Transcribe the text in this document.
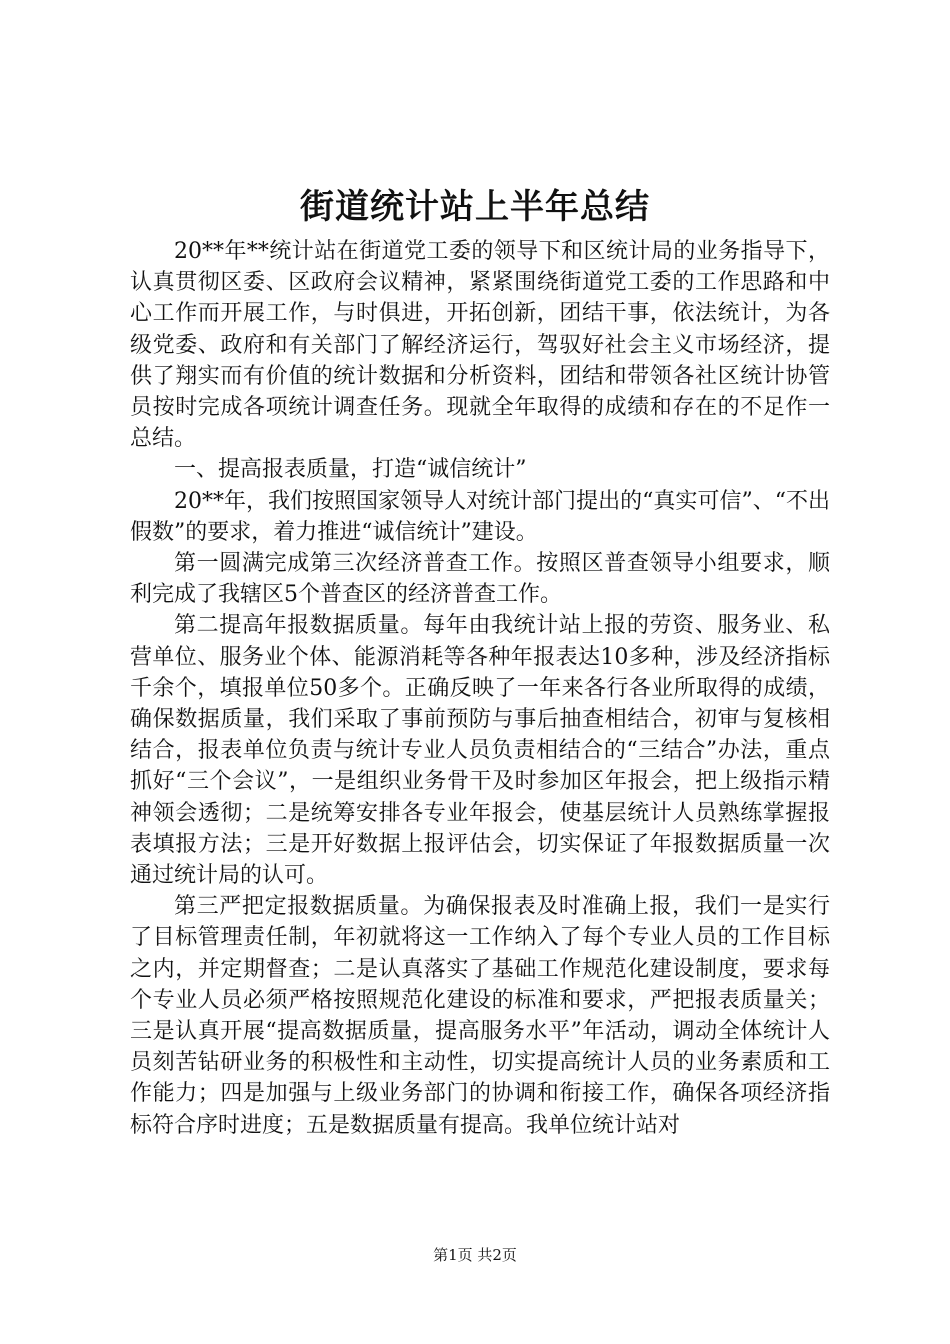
街道统计站上半年总结

20**年**统计站在街道党工委的领导下和区统计局的业务指导下，认真贯彻区委、区政府会议精神，紧紧围绕街道党工委的工作思路和中心工作而开展工作，与时俱进，开拓创新，团结干事，依法统计，为各级党委、政府和有关部门了解经济运行，驾驭好社会主义市场经济，提供了翔实而有价值的统计数据和分析资料，团结和带领各社区统计协管员按时完成各项统计调查任务。现就全年取得的成绩和存在的不足作一总结。

一、提高报表质量，打造“诚信统计”

20**年，我们按照国家领导人对统计部门提出的“真实可信”、“不出假数”的要求，着力推进“诚信统计”建设。

第一圆满完成第三次经济普查工作。按照区普查领导小组要求，顺利完成了我辖区5个普查区的经济普查工作。

第二提高年报数据质量。每年由我统计站上报的劳资、服务业、私营单位、服务业个体、能源消耗等各种年报表达10多种，涉及经济指标千余个，填报单位50多个。正确反映了一年来各行各业所取得的成绩，确保数据质量，我们采取了事前预防与事后抽查相结合，初审与复核相结合，报表单位负责与统计专业人员负责相结合的“三结合”办法，重点抓好“三个会议”，一是组织业务骨干及时参加区年报会，把上级指示精神领会透彻；二是统筹安排各专业年报会，使基层统计人员熟练掌握报表填报方法；三是开好数据上报评估会，切实保证了年报数据质量一次通过统计局的认可。

第三严把定报数据质量。为确保报表及时准确上报，我们一是实行了目标管理责任制，年初就将这一工作纳入了每个专业人员的工作目标之内，并定期督查；二是认真落实了基础工作规范化建设制度，要求每个专业人员必须严格按照规范化建设的标准和要求，严把报表质量关；三是认真开展“提高数据质量，提高服务水平”年活动，调动全体统计人员刻苦钻研业务的积极性和主动性，切实提高统计人员的业务素质和工作能力；四是加强与上级业务部门的协调和衔接工作，确保各项经济指标符合序时进度；五是数据质量有提高。我单位统计站对

第1页 共2页
